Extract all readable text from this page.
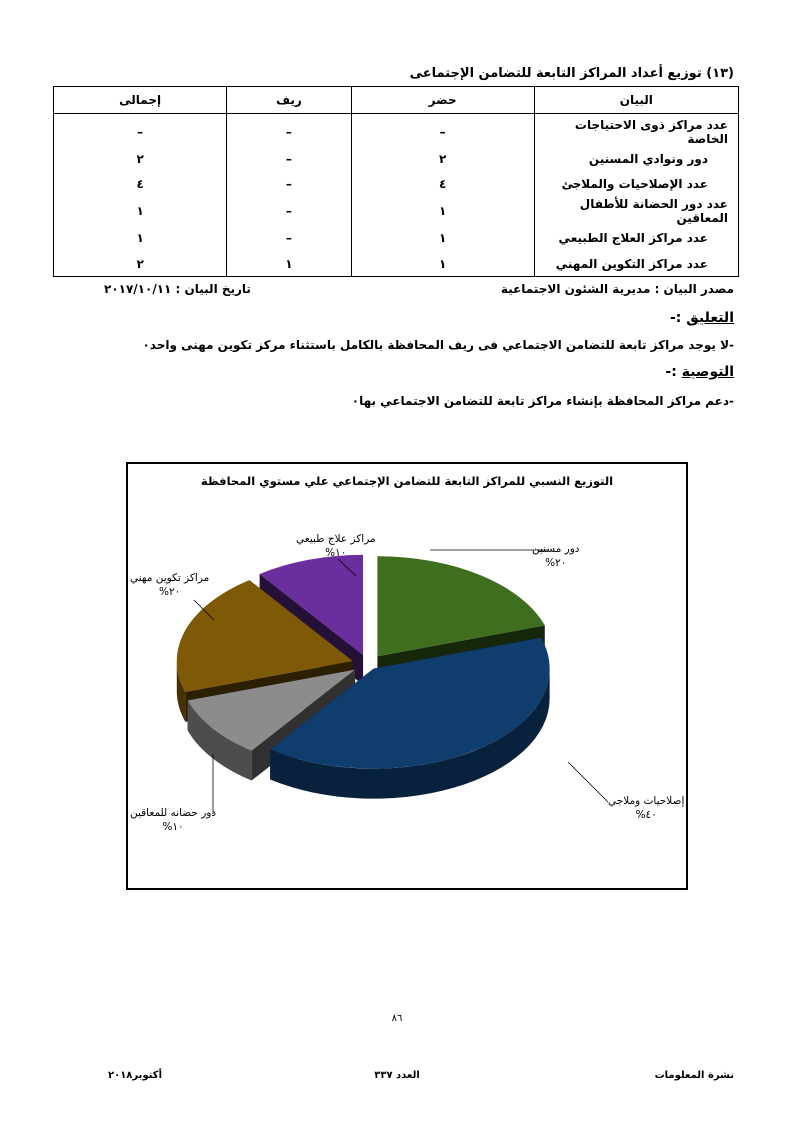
(١٣) توزيع أعداد المراكز التابعة للتضامن الإجتماعى
البيان	حضر	ريف	إجمالى
عدد مراكز ذوى الاحتياجات الخاصة	–	–	–
دور ونوادي المسنين	٢	–	٢
عدد الإصلاحيات والملاجئ	٤	–	٤
عدد دور الحضانة للأطفال المعاقين	١	–	١
عدد مراكز العلاج الطبيعي	١	–	١
عدد مراكز التكوين المهني	١	١	٢
مصدر البيان : مديرية الشئون الاجتماعية
تاريخ البيان : ٢٠١٧/١٠/١١
التعليق :-
-لا يوجد مراكز تابعة للتضامن الاجتماعي فى ريف المحافظة بالكامل باستثناء مركز تكوين مهنى واحد٠
التوصية :-
-دعم مراكز المحافظة بإنشاء مراكز تابعة للتضامن الاجتماعي بها٠
التوزيع النسبي للمراكز التابعة للتضامن الإجتماعي علي مستوي المحافظة
دور مسنين
٢٠%
إصلاحيات وملاجي
٤٠%
دور حضانه للمعاقين
١٠%
مراكز تكوين مهني
٢٠%
مراكز علاج طبيعي
١٠%
٨٦
نشرة المعلومات
العدد ٣٣٧
أكتوبر٢٠١٨
